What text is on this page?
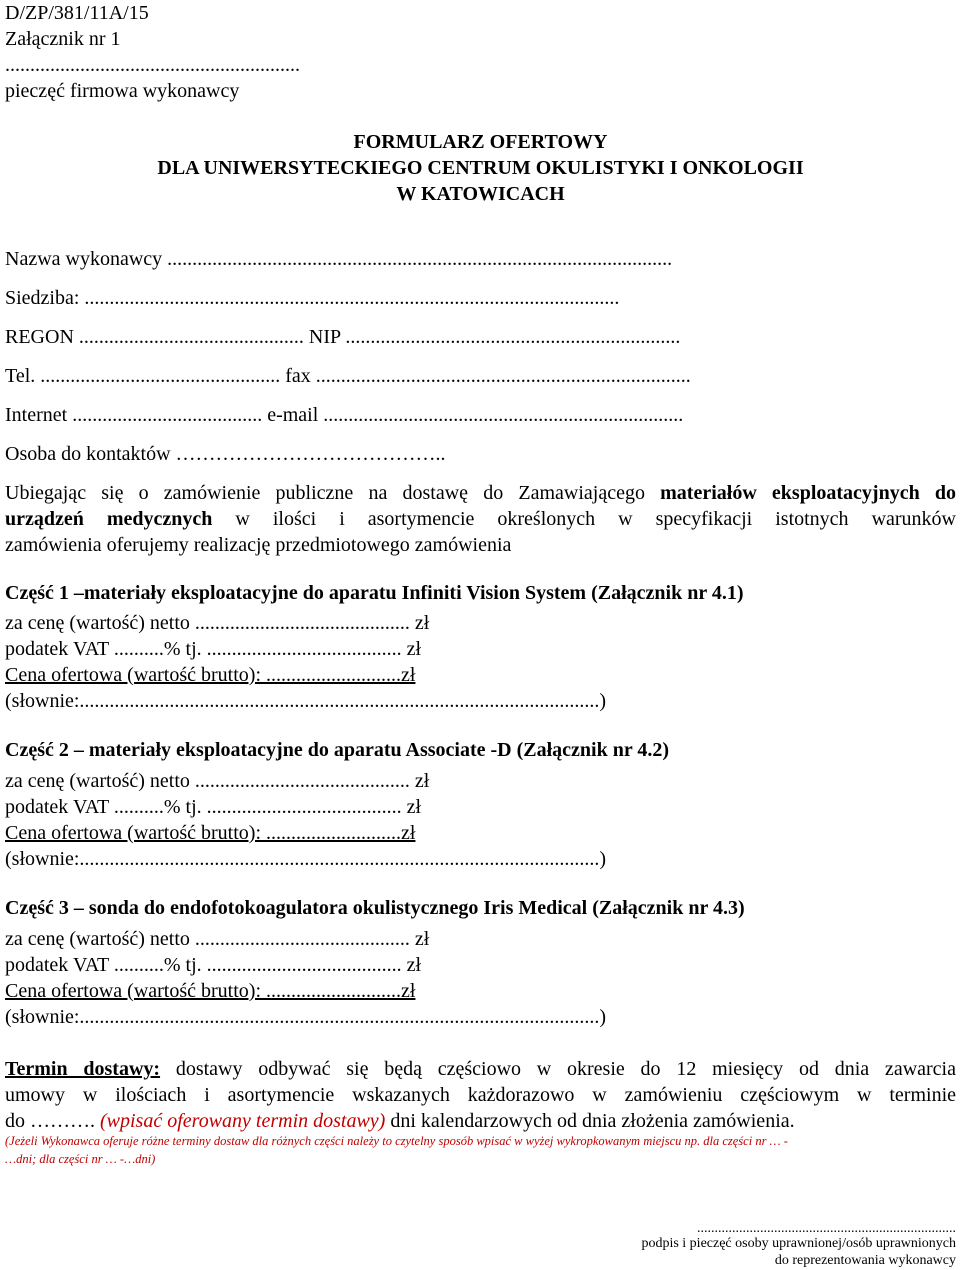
D/ZP/381/11A/15
Załącznik nr 1
...........................................................
pieczęć firmowa wykonawcy
FORMULARZ OFERTOWY
DLA UNIWERSYTECKIEGO CENTRUM OKULISTYKI I ONKOLOGII
W KATOWICACH
Nazwa wykonawcy .....................................................................................................
Siedziba: ...........................................................................................................
REGON ............................................. NIP ...................................................................
Tel. ................................................ fax ...........................................................................
Internet ...................................... e-mail ........................................................................
Osoba do kontaktów …………………………………..
Ubiegając się o zamówienie publiczne na dostawę do Zamawiającego materiałów eksploatacyjnych do
urządzeń medycznych w ilości i asortymencie określonych w specyfikacji istotnych warunków
zamówienia oferujemy realizację przedmiotowego zamówienia
Część 1 –materiały eksploatacyjne do aparatu Infiniti Vision System (Załącznik nr 4.1)
za cenę (wartość) netto ........................................... zł
podatek VAT ..........% tj. ....................................... zł
Cena ofertowa (wartość brutto): ...........................zł
(słownie:........................................................................................................)
Część 2 – materiały eksploatacyjne do aparatu Associate -D (Załącznik nr 4.2)
za cenę (wartość) netto ........................................... zł
podatek VAT ..........% tj. ....................................... zł
Cena ofertowa (wartość brutto): ...........................zł
(słownie:........................................................................................................)
Część 3 – sonda do endofotokoagulatora okulistycznego Iris Medical (Załącznik nr 4.3)
za cenę (wartość) netto ........................................... zł
podatek VAT ..........% tj. ....................................... zł
Cena ofertowa (wartość brutto): ...........................zł
(słownie:........................................................................................................)
Termin dostawy: dostawy odbywać się będą częściowo w okresie do 12 miesięcy od dnia zawarcia
umowy w ilościach i asortymencie wskazanych każdorazowo w zamówieniu częściowym w terminie
do ………. (wpisać oferowany termin dostawy) dni kalendarzowych od dnia złożenia zamówienia.
(Jeżeli Wykonawca oferuje różne terminy dostaw dla różnych części należy to czytelny sposób wpisać w wyżej wykropkowanym miejscu np. dla części nr … -
…dni; dla części nr … -…dni)
..........................................................................
podpis i pieczęć osoby uprawnionej/osób uprawnionych
do reprezentowania wykonawcy
